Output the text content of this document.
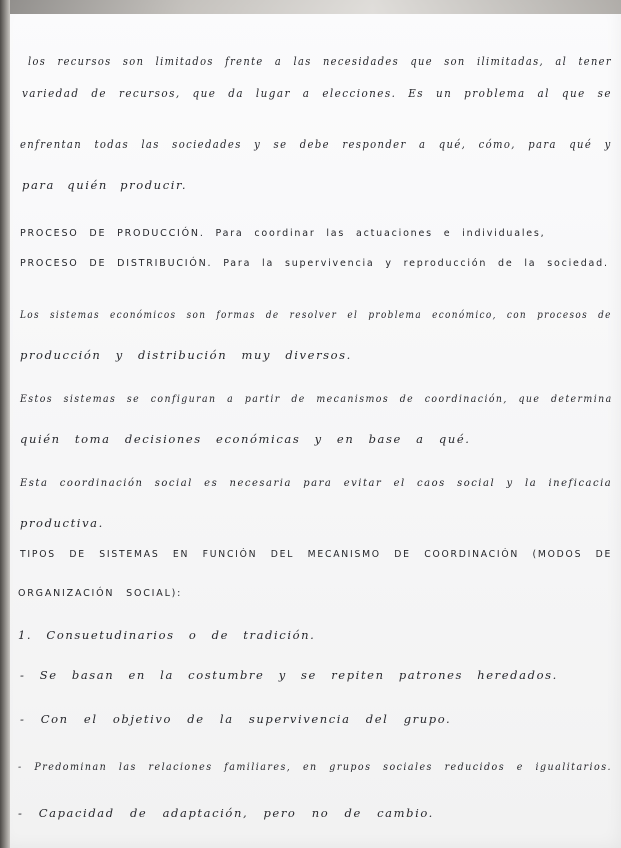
los recursos son limitados frente a las necesidades que son ilimitadas, al tener
variedad de recursos, que da lugar a elecciones. Es un problema al que se
enfrentan todas las sociedades y se debe responder a qué, cómo, para qué y
para quién producir.
PROCESO DE PRODUCCIÓN. Para coordinar las actuaciones e individuales,
PROCESO DE DISTRIBUCIÓN. Para la supervivencia y reproducción de la sociedad.
Los sistemas económicos son formas de resolver el problema económico, con procesos de
producción y distribución muy diversos.
Estos sistemas se configuran a partir de mecanismos de coordinación, que determina
quién toma decisiones económicas y en base a qué.
Esta coordinación social es necesaria para evitar el caos social y la ineficacia
productiva.
TIPOS DE SISTEMAS EN FUNCIÓN DEL MECANISMO DE COORDINACIÓN (MODOS DE
ORGANIZACIÓN SOCIAL):
1. Consuetudinarios o de tradición.
- Se basan en la costumbre y se repiten patrones heredados.
- Con el objetivo de la supervivencia del grupo.
- Predominan las relaciones familiares, en grupos sociales reducidos e igualitarios.
- Capacidad de adaptación, pero no de cambio.
